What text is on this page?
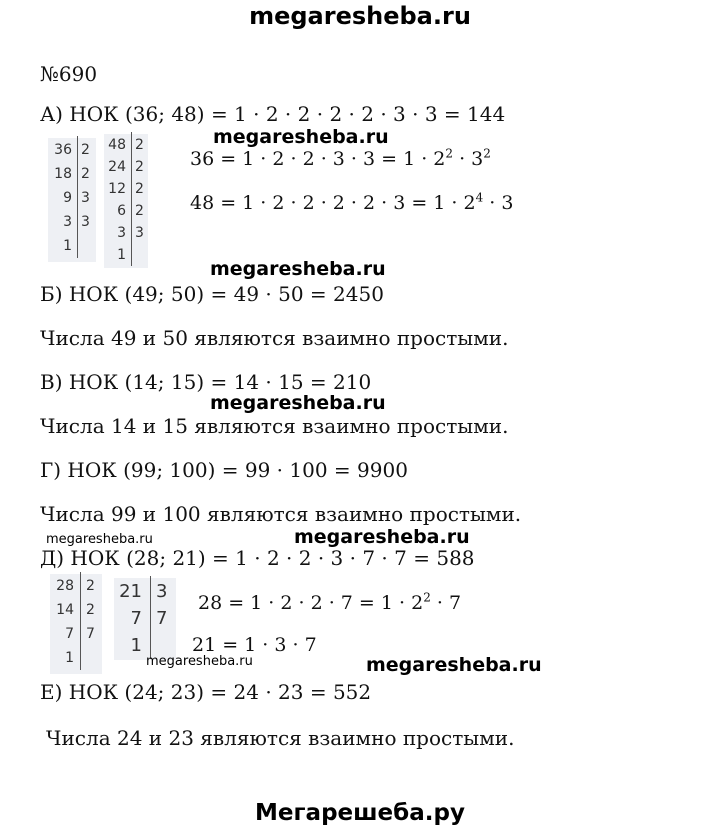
megaresheba.ru
№690
А) НОК (36; 48) = 1 · 2 · 2 · 2 · 2 · 3 · 3 = 144
megaresheba.ru
36 2
18 2
9 3
3 3
1
48 2
24 2
12 2
6 2
3 3
1
$36 = 1 \cdot 2 \cdot 2 \cdot 3 \cdot 3 = 1 \cdot 2^2 \cdot 3^2$
$48 = 1 \cdot 2 \cdot 2 \cdot 2 \cdot 2 \cdot 3 = 1 \cdot 2^4 \cdot 3$
megaresheba.ru
Б) НОК (49; 50) = 49 · 50 = 2450
Числа 49 и 50 являются взаимно простыми.
В) НОК (14; 15) = 14 · 15 = 210
megaresheba.ru
Числа 14 и 15 являются взаимно простыми.
Г) НОК (99; 100) = 99 · 100 = 9900
Числа 99 и 100 являются взаимно простыми.
megaresheba.ru	megaresheba.ru
Д) НОК (28; 21) = 1 · 2 · 2 · 3 · 7 · 7 = 588
28 2
14 2
7 7
1
21 3
7 7
1
$28 = 1 \cdot 2 \cdot 2 \cdot 7 = 1 \cdot 2^2 \cdot 7$
21 = 1 · 3 · 7
megaresheba.ru	megaresheba.ru
Е) НОК (24; 23) = 24 · 23 = 552
Числа 24 и 23 являются взаимно простыми.
Мегарешеба.ру
